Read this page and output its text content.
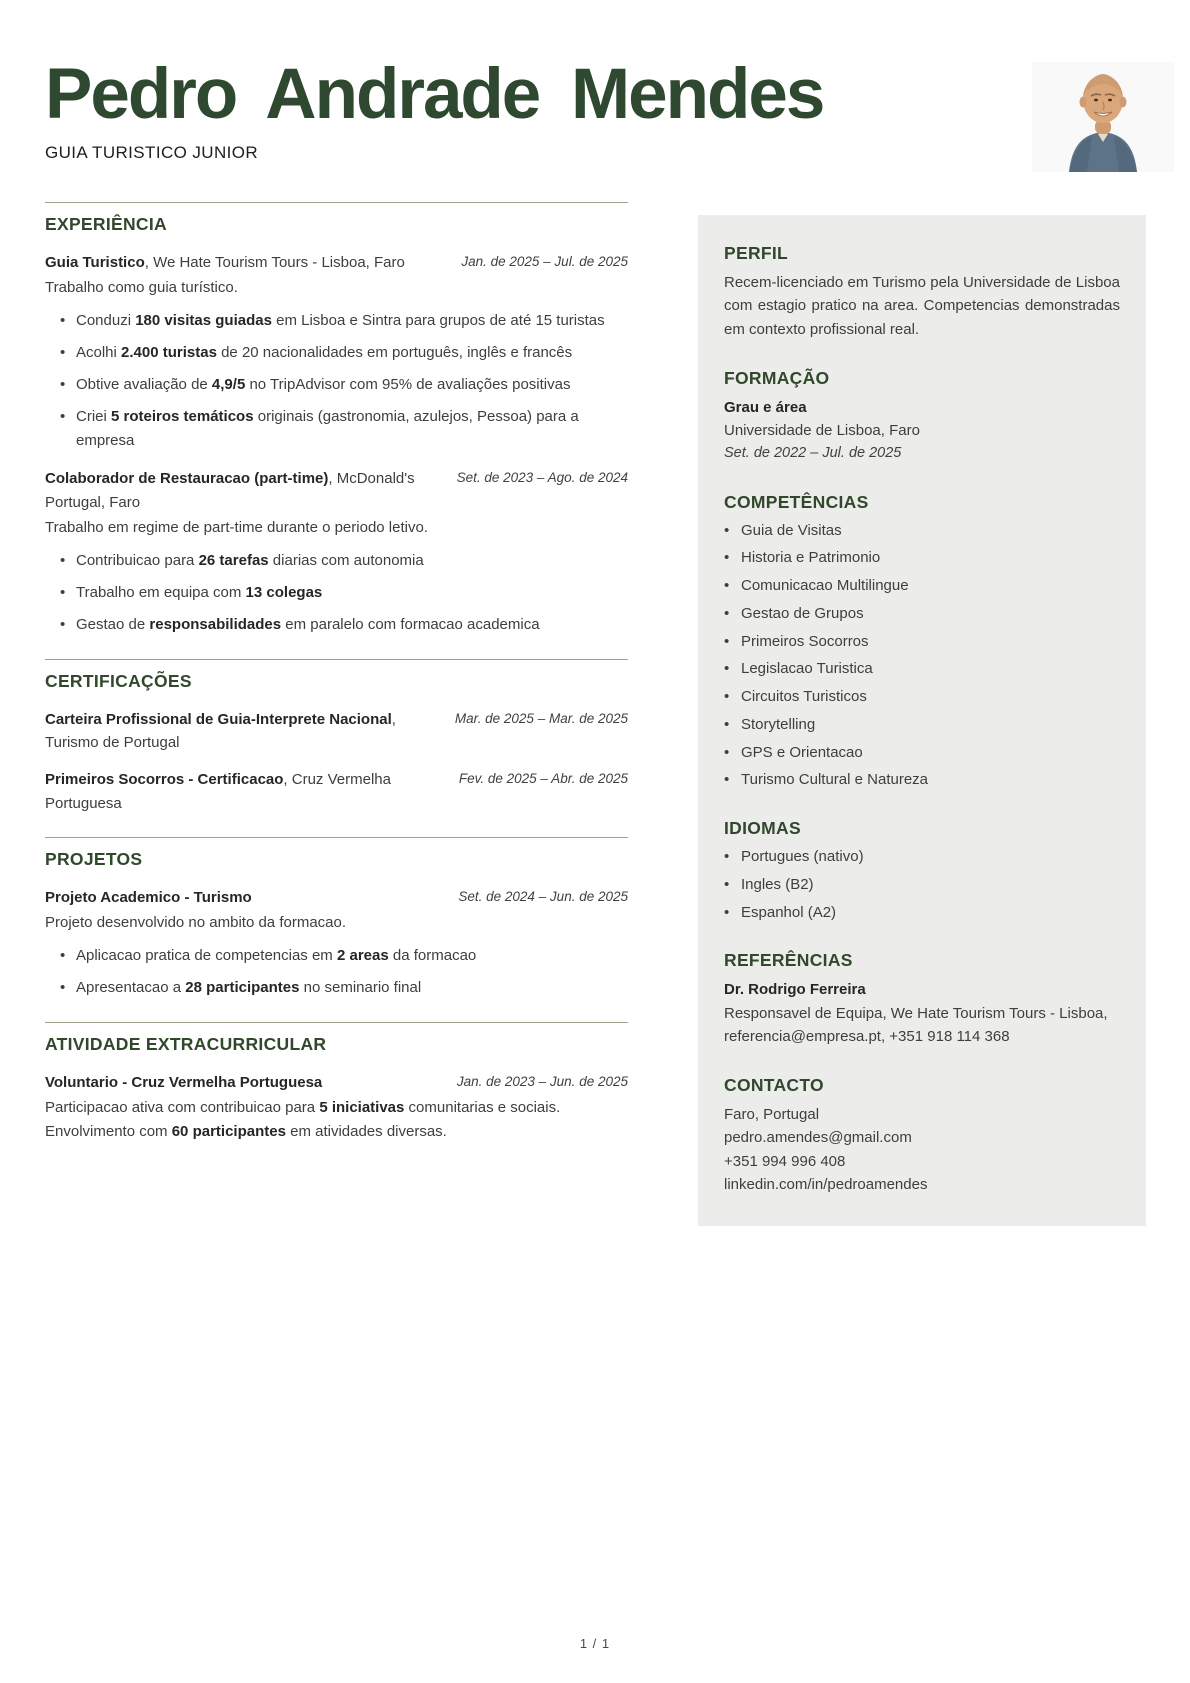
Pedro Andrade Mendes
GUIA TURISTICO JUNIOR
EXPERIÊNCIA

Guia Turistico, We Hate Tourism Tours - Lisboa, Faro	Jan. de 2025 – Jul. de 2025

Trabalho como guia turístico.

• Conduzi 180 visitas guiadas em Lisboa e Sintra para grupos de até 15 turistas
• Acolhi 2.400 turistas de 20 nacionalidades em português, inglês e francês
• Obtive avaliação de 4,9/5 no TripAdvisor com 95% de avaliações positivas
• Criei 5 roteiros temáticos originais (gastronomia, azulejos, Pessoa) para a empresa

Colaborador de Restauracao (part-time), McDonald's Portugal, Faro

Set. de 2023 – Ago. de 2024

Trabalho em regime de part-time durante o periodo letivo.

• Contribuicao para 26 tarefas diarias com autonomia
• Trabalho em equipa com 13 colegas
• Gestao de responsabilidades em paralelo com formacao academica
CERTIFICAÇÕES

Carteira Profissional de Guia-Interprete Nacional, Turismo de Portugal

Mar. de 2025 – Mar. de 2025

Primeiros Socorros - Certificacao, Cruz Vermelha Portuguesa

Fev. de 2025 – Abr. de 2025
PROJETOS

Projeto Academico - Turismo	Set. de 2024 – Jun. de 2025

Projeto desenvolvido no ambito da formacao.

• Aplicacao pratica de competencias em 2 areas da formacao
• Apresentacao a 28 participantes no seminario final
ATIVIDADE EXTRACURRICULAR

Voluntario - Cruz Vermelha Portuguesa	Jan. de 2023 – Jun. de 2025

Participacao ativa com contribuicao para 5 iniciativas comunitarias e sociais. Envolvimento com 60 participantes em atividades diversas.

PERFIL

Recem-licenciado em Turismo pela Universidade de Lisboa com estagio pratico na area. Competencias demonstradas em contexto profissional real.

FORMAÇÃO

Grau e área

Universidade de Lisboa, Faro

Set. de 2022 – Jul. de 2025

COMPETÊNCIAS
• Guia de Visitas
• Historia e Patrimonio
• Comunicacao Multilingue
• Gestao de Grupos
• Primeiros Socorros
• Legislacao Turistica
• Circuitos Turisticos
• Storytelling
• GPS e Orientacao
• Turismo Cultural e Natureza
IDIOMAS
• Portugues (nativo)
• Ingles (B2)
• Espanhol (A2)
REFERÊNCIAS

Dr. Rodrigo Ferreira

Responsavel de Equipa, We Hate Tourism Tours - Lisboa, referencia@empresa.pt, +351 918 114 368

CONTACTO

Faro, Portugal

pedro.amendes@gmail.com

+351 994 996 408

linkedin.com/in/pedroamendes

1 / 1
